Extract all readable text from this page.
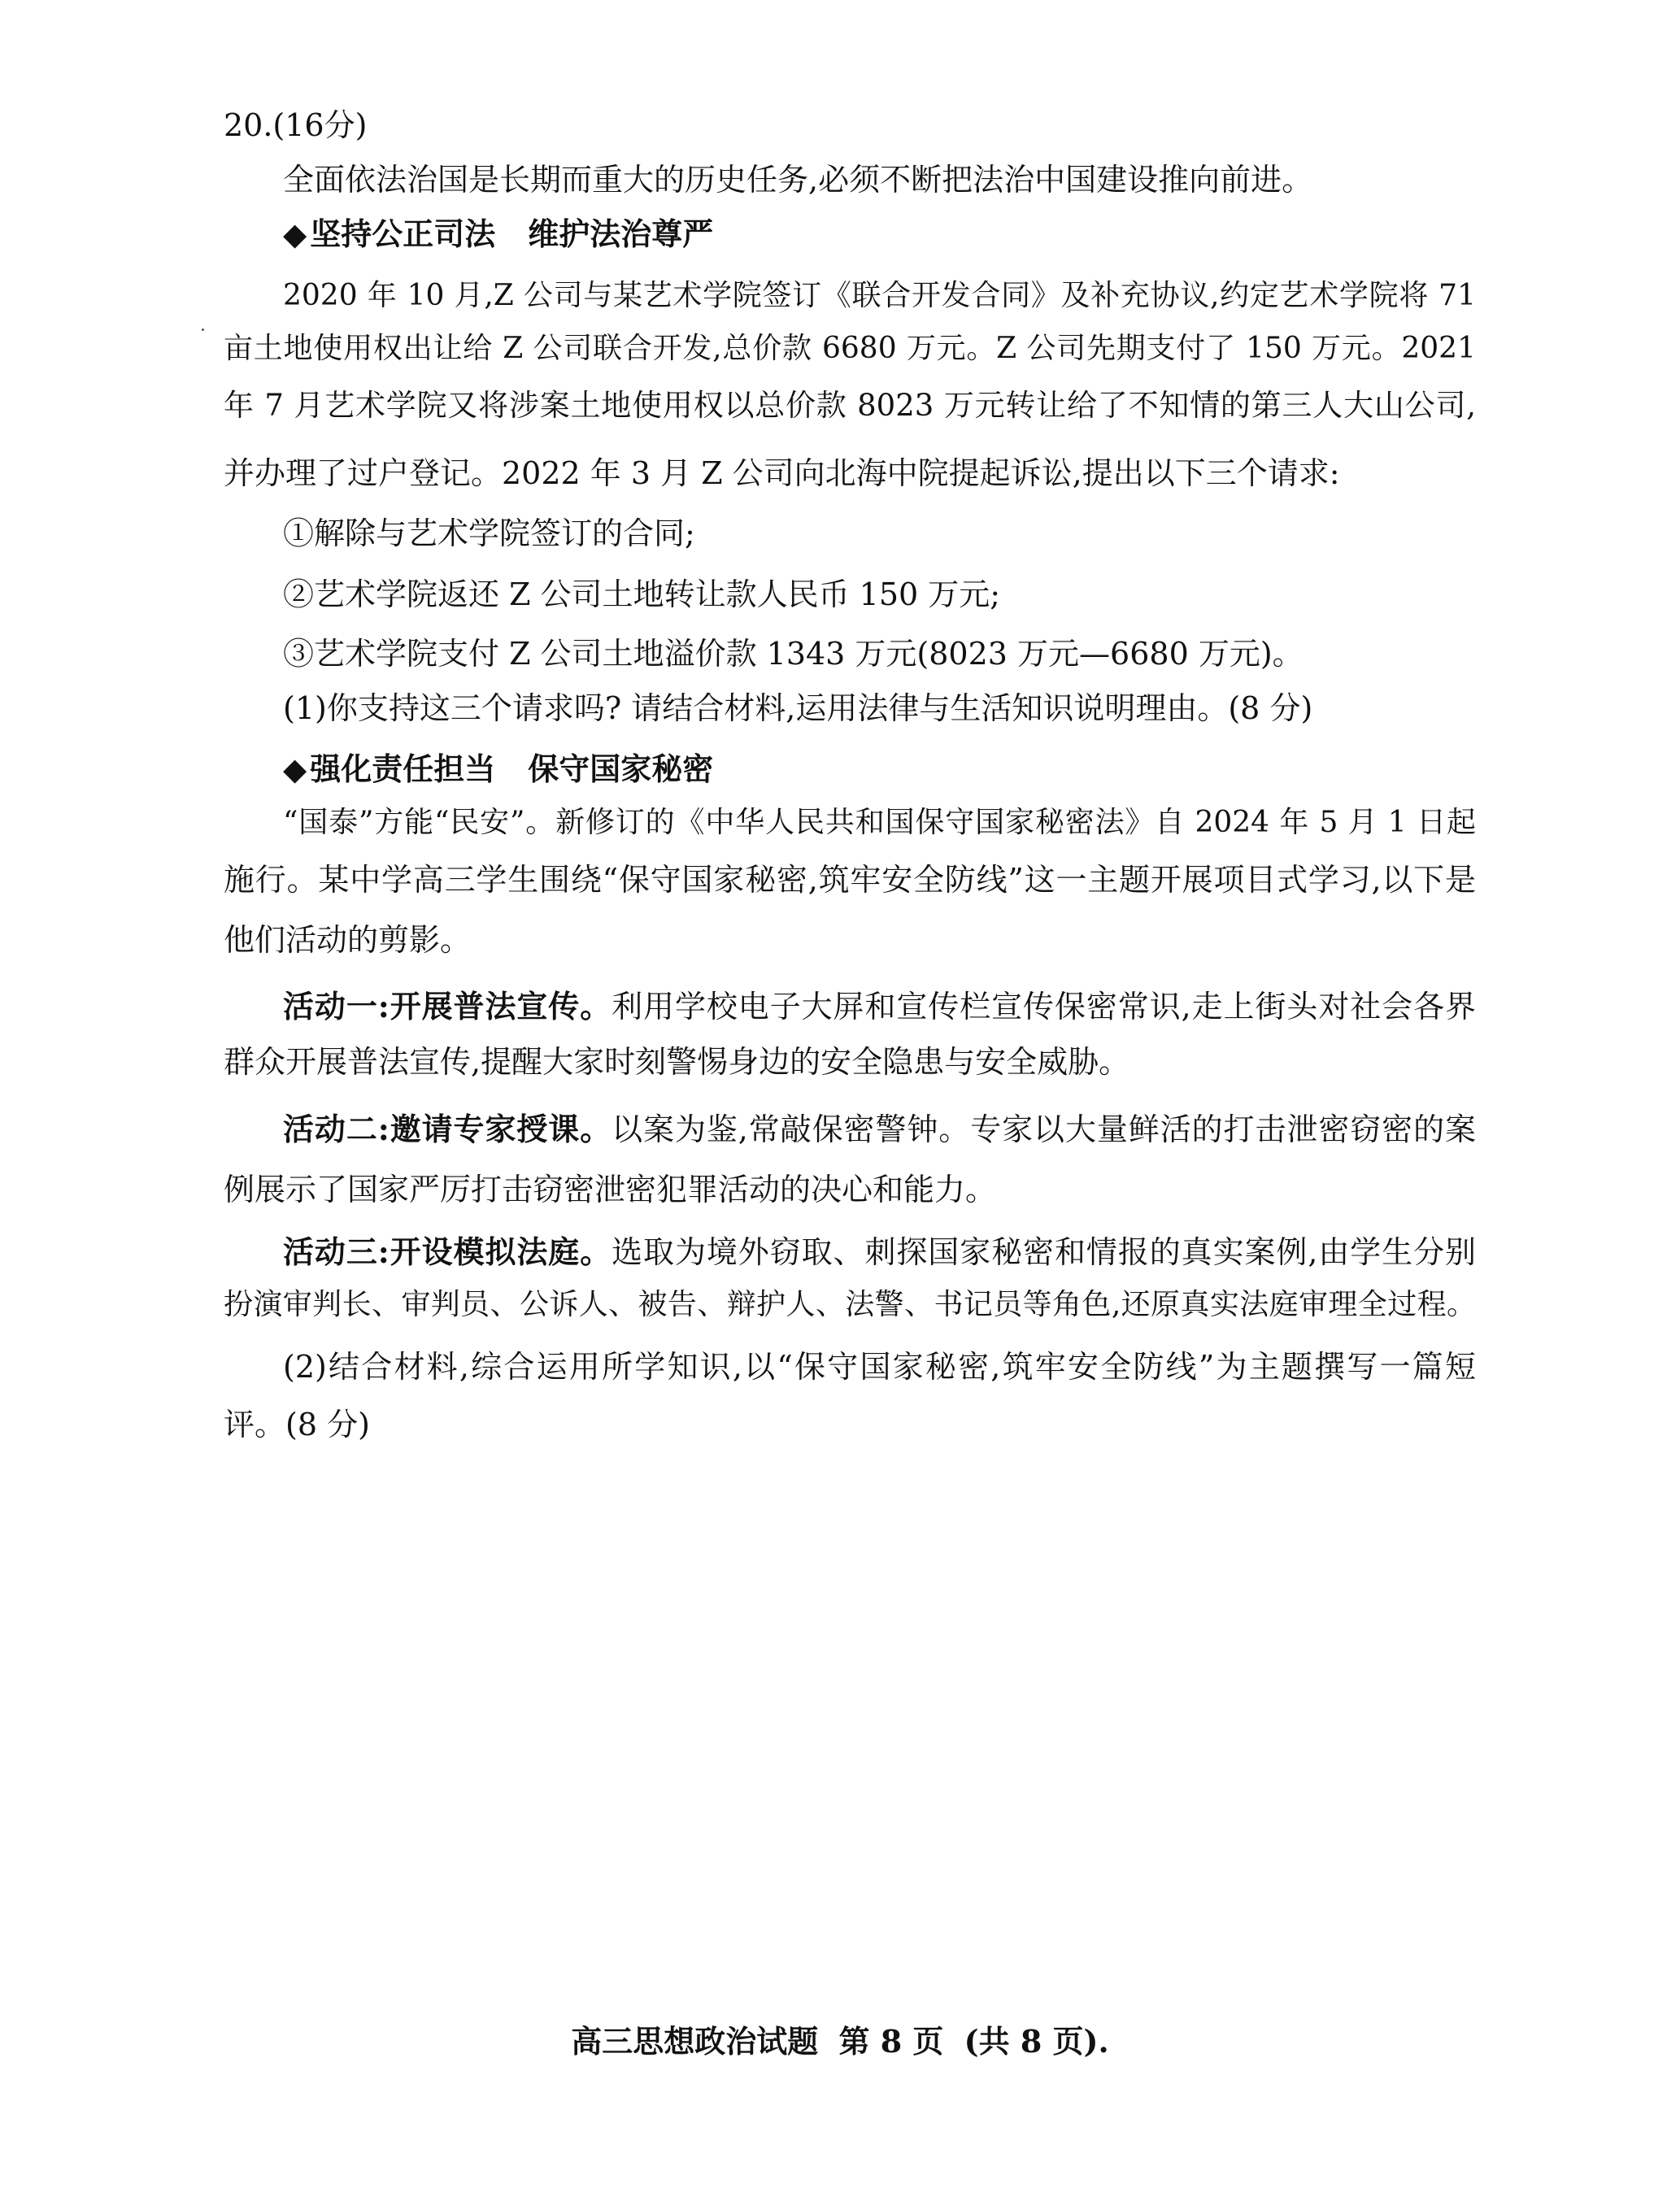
20.(16分)
全面依法治国是长期而重大的历史任务,必须不断把法治中国建设推向前进。
◆ 坚持公正司法 维护法治尊严
2020 年 10 月,Z 公司与某艺术学院签订《联合开发合同》及补充协议,约定艺术学院将 71
亩土地使用权出让给 Z 公司联合开发,总价款 6680 万元。Z 公司先期支付了 150 万元。2021
年 7 月艺术学院又将涉案土地使用权以总价款 8023 万元转让给了不知情的第三人大山公司,
并办理了过户登记。2022 年 3 月 Z 公司向北海中院提起诉讼,提出以下三个请求:
①解除与艺术学院签订的合同;
②艺术学院返还 Z 公司土地转让款人民币 150 万元;
③艺术学院支付 Z 公司土地溢价款 1343 万元(8023 万元—6680 万元)。
(1)你支持这三个请求吗? 请结合材料,运用法律与生活知识说明理由。(8 分)
◆ 强化责任担当 保守国家秘密
“国泰”方能“民安”。新修订的《中华人民共和国保守国家秘密法》自 2024 年 5 月 1 日起
施行。某中学高三学生围绕“保守国家秘密,筑牢安全防线”这一主题开展项目式学习,以下是
他们活动的剪影。
活动一:开展普法宣传。利用学校电子大屏和宣传栏宣传保密常识,走上街头对社会各界
群众开展普法宣传,提醒大家时刻警惕身边的安全隐患与安全威胁。
活动二:邀请专家授课。以案为鉴,常敲保密警钟。专家以大量鲜活的打击泄密窃密的案
例展示了国家严厉打击窃密泄密犯罪活动的决心和能力。
活动三:开设模拟法庭。选取为境外窃取、刺探国家秘密和情报的真实案例,由学生分别
扮演审判长、审判员、公诉人、被告、辩护人、法警、书记员等角色,还原真实法庭审理全过程。
(2)结合材料,综合运用所学知识,以“保守国家秘密,筑牢安全防线”为主题撰写一篇短
评。(8 分)
高三思想政治试题 第 8 页 (共 8 页).
